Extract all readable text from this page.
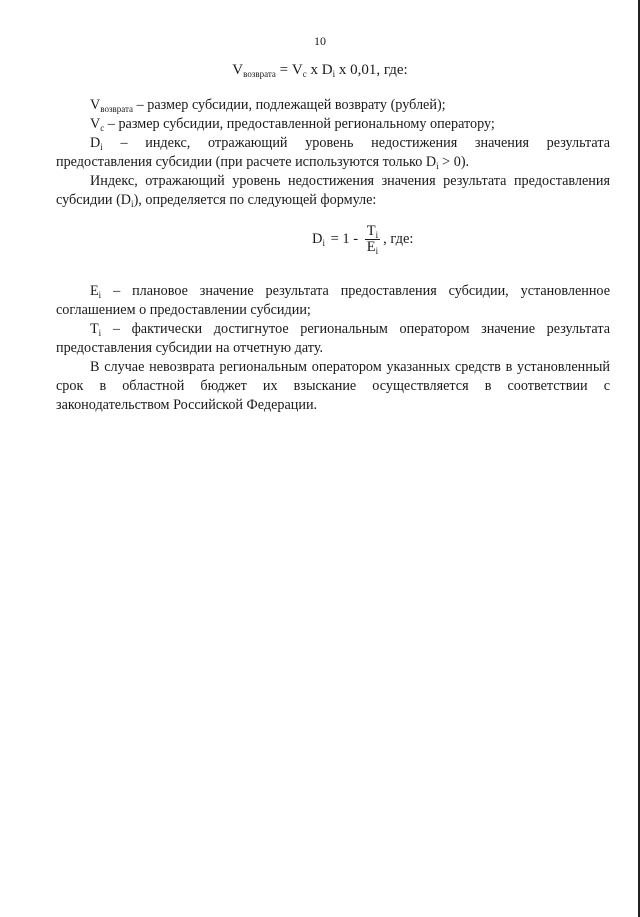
10
$V_{возврата} = V_c$ x $D_i$ x 0,01, где:

$V_{возврата}$ – размер субсидии, подлежащей возврату (рублей);

$V_c$ – размер субсидии, предоставленной региональному оператору;

$D_i$ – индекс, отражающий уровень недостижения значения результата предоставления субсидии (при расчете используются только $D_i > 0$).

Индекс, отражающий уровень недостижения значения результата предоставления субсидии $(D_i)$, определяется по следующей формуле:

$D_i = 1 - \frac{T_i}{E_i}$ , где:

$E_i$ – плановое значение результата предоставления субсидии, установленное соглашением о предоставлении субсидии;

$T_i$ – фактически достигнутое региональным оператором значение результата предоставления субсидии на отчетную дату.

В случае невозврата региональным оператором указанных средств в установленный срок в областной бюджет их взыскание осуществляется в соответствии с законодательством Российской Федерации.
